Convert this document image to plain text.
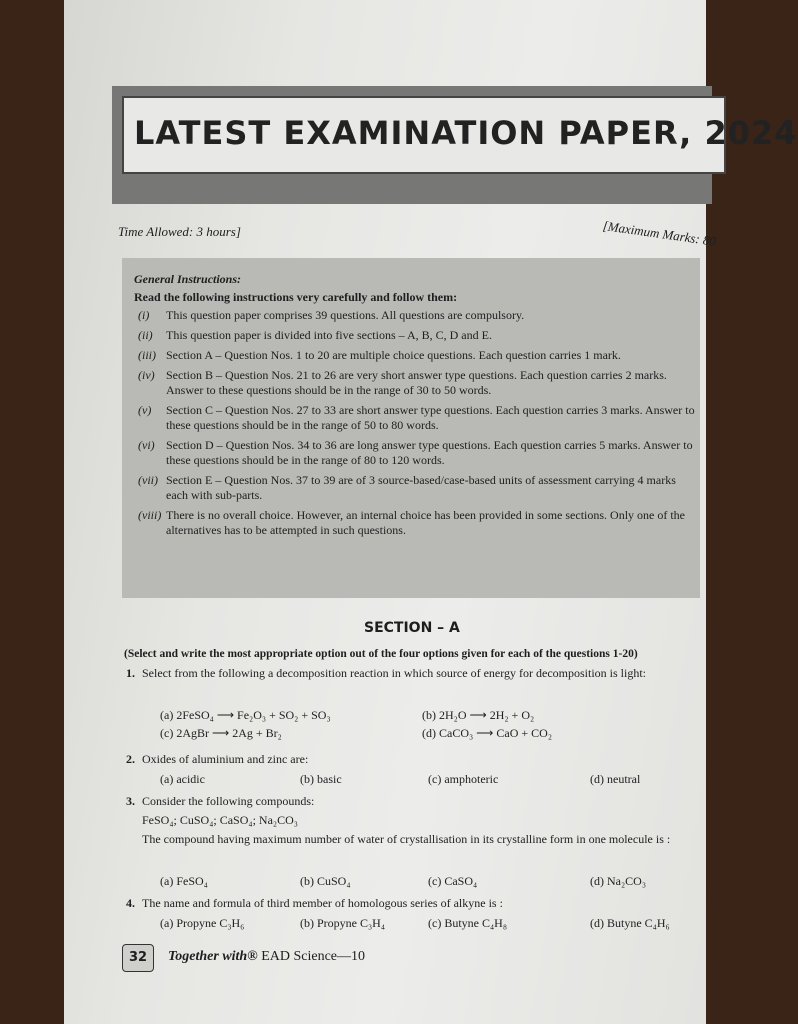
LATEST EXAMINATION PAPER, 2024
Time Allowed: 3 hours]	[Maximum Marks: 80
General Instructions:
Read the following instructions very carefully and follow them:
(i)	This question paper comprises 39 questions. All questions are compulsory.
(ii)	This question paper is divided into five sections – A, B, C, D and E.
(iii) Section A – Question Nos. 1 to 20 are multiple choice questions. Each question carries 1 mark.
(iv) Section B – Question Nos. 21 to 26 are very short answer type questions. Each question carries 2 marks. Answer to these questions should be in the range of 30 to 50 words.
(v)	Section C – Question Nos. 27 to 33 are short answer type questions. Each question carries 3 marks. Answer to these questions should be in the range of 50 to 80 words.
(vi) Section D – Question Nos. 34 to 36 are long answer type questions. Each question carries 5 marks. Answer to these questions should be in the range of 80 to 120 words.
(vii) Section E – Question Nos. 37 to 39 are of 3 source-based/case-based units of assessment carrying 4 marks each with sub-parts.
(viii) There is no overall choice. However, an internal choice has been provided in some sections. Only one of the alternatives has to be attempted in such questions.
SECTION – A
(Select and write the most appropriate option out of the four options given for each of the questions 1-20)
1. Select from the following a decomposition reaction in which source of energy for decomposition is light:
(a) 2FeSO₄ ⟶ Fe₂O₃ + SO₂ + SO₃	(b) 2H₂O ⟶ 2H₂ + O₂
(c) 2AgBr ⟶ 2Ag + Br₂	(d) CaCO₃ ⟶ CaO + CO₂
2. Oxides of aluminium and zinc are:
(a) acidic	(b) basic	(c) amphoteric	(d) neutral
3. Consider the following compounds:
FeSO₄; CuSO₄; CaSO₄; Na₂CO₃
The compound having maximum number of water of crystallisation in its crystalline form in one molecule is :
(a) FeSO₄	(b) CuSO₄	(c) CaSO₄	(d) Na₂CO₃
4. The name and formula of third member of homologous series of alkyne is :
(a) Propyne C₃H₆	(b) Propyne C₃H₄	(c) Butyne C₄H₈	(d) Butyne C₄H₆
32	Together with® EAD Science—10
